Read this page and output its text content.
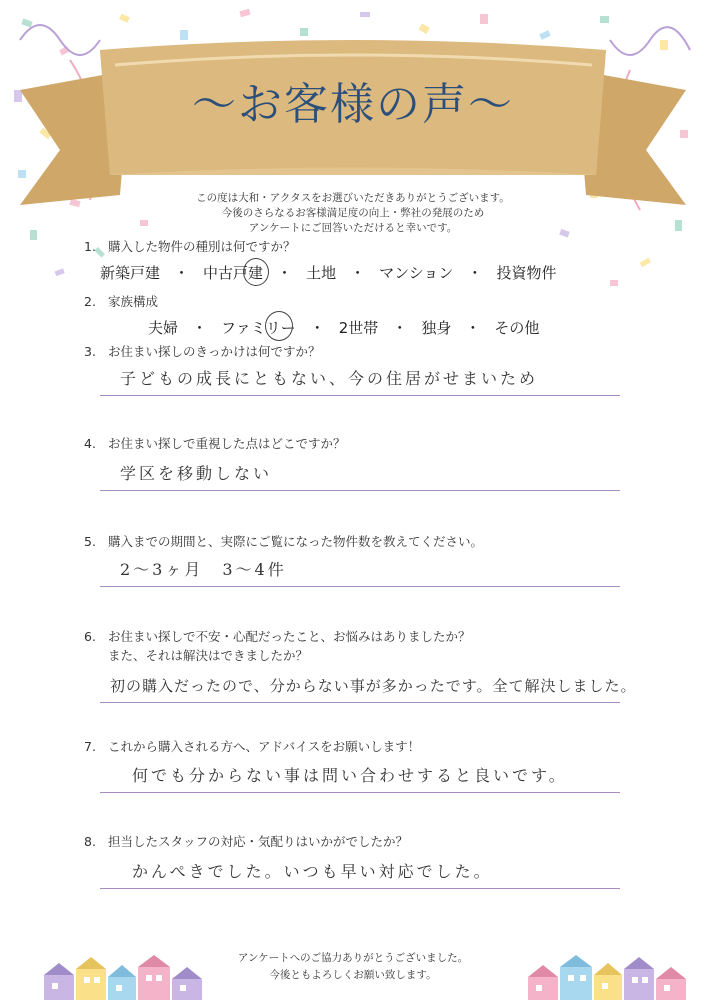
〜お客様の声〜
この度は大和・アクタスをお選びいただきありがとうございます。
今後のさらなるお客様満足度の向上・弊社の発展のため
アンケートにご回答いただけると幸いです。
1. 購入した物件の種別は何ですか？
新築戸建 ・ 中古戸建 ・ 土地 ・ マンション ・ 投資物件
2. 家族構成
夫婦 ・ ファミリー ・ 2世帯 ・ 独身 ・ その他
3. お住まい探しのきっかけは何ですか？
子どもの成長にともない、今の住居がせまいため
4. お住まい探しで重視した点はどこですか？
学区を移動しない
5. 購入までの期間と、実際にご覧になった物件数を教えてください。
2〜3ヶ月　3〜4件
6. お住まい探しで不安・心配だったこと、お悩みはありましたか？
また、それは解決はできましたか？
初の購入だったので、分からない事が多かったです。全て解決しました。
7. これから購入される方へ、アドバイスをお願いします！
何でも分からない事は問い合わせすると良いです。
8. 担当したスタッフの対応・気配りはいかがでしたか？
かんぺきでした。いつも早い対応でした。
アンケートへのご協力ありがとうございました。
今後ともよろしくお願い致します。
